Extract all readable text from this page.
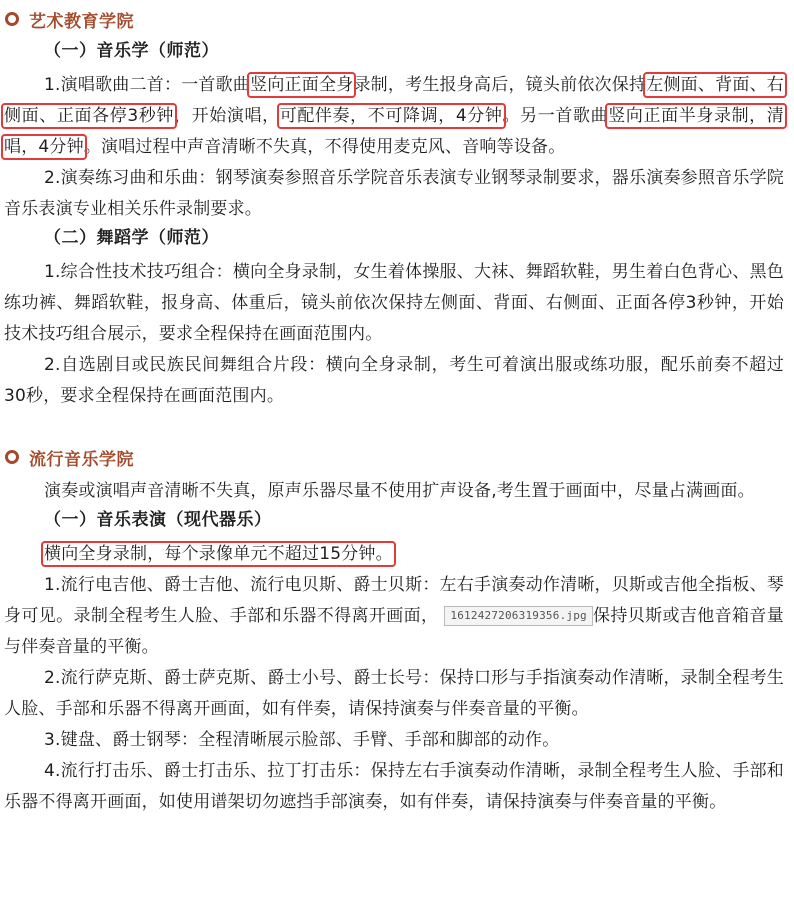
艺术教育学院
（一）音乐学（师范）

1.演唱歌曲二首：一首歌曲竖向正面全身录制，考生报身高后，镜头前依次保持左侧面、背面、右侧面、正面各停3秒钟，开始演唱，可配伴奏，不可降调，4分钟。另一首歌曲竖向正面半身录制，清唱，4分钟。演唱过程中声音清晰不失真，不得使用麦克风、音响等设备。

2.演奏练习曲和乐曲：钢琴演奏参照音乐学院音乐表演专业钢琴录制要求，器乐演奏参照音乐学院音乐表演专业相关乐件录制要求。

（二）舞蹈学（师范）

1.综合性技术技巧组合：横向全身录制，女生着体操服、大袜、舞蹈软鞋，男生着白色背心、黑色练功裤、舞蹈软鞋，报身高、体重后，镜头前依次保持左侧面、背面、右侧面、正面各停3秒钟，开始技术技巧组合展示，要求全程保持在画面范围内。

2.自选剧目或民族民间舞组合片段：横向全身录制，考生可着演出服或练功服，配乐前奏不超过30秒，要求全程保持在画面范围内。

流行音乐学院

演奏或演唱声音清晰不失真，原声乐器尽量不使用扩声设备,考生置于画面中，尽量占满画面。

（一）音乐表演（现代器乐）

横向全身录制，每个录像单元不超过15分钟。

1.流行电吉他、爵士吉他、流行电贝斯、爵士贝斯：左右手演奏动作清晰，贝斯或吉他全指板、琴身可见。录制全程考生人脸、手部和乐器不得离开画面， 1612427206319356.jpg 保持贝斯或吉他音箱音量与伴奏音量的平衡。

2.流行萨克斯、爵士萨克斯、爵士小号、爵士长号：保持口形与手指演奏动作清晰，录制全程考生人脸、手部和乐器不得离开画面，如有伴奏，请保持演奏与伴奏音量的平衡。

3.键盘、爵士钢琴：全程清晰展示脸部、手臂、手部和脚部的动作。

4.流行打击乐、爵士打击乐、拉丁打击乐：保持左右手演奏动作清晰，录制全程考生人脸、手部和乐器不得离开画面，如使用谱架切勿遮挡手部演奏，如有伴奏，请保持演奏与伴奏音量的平衡。
